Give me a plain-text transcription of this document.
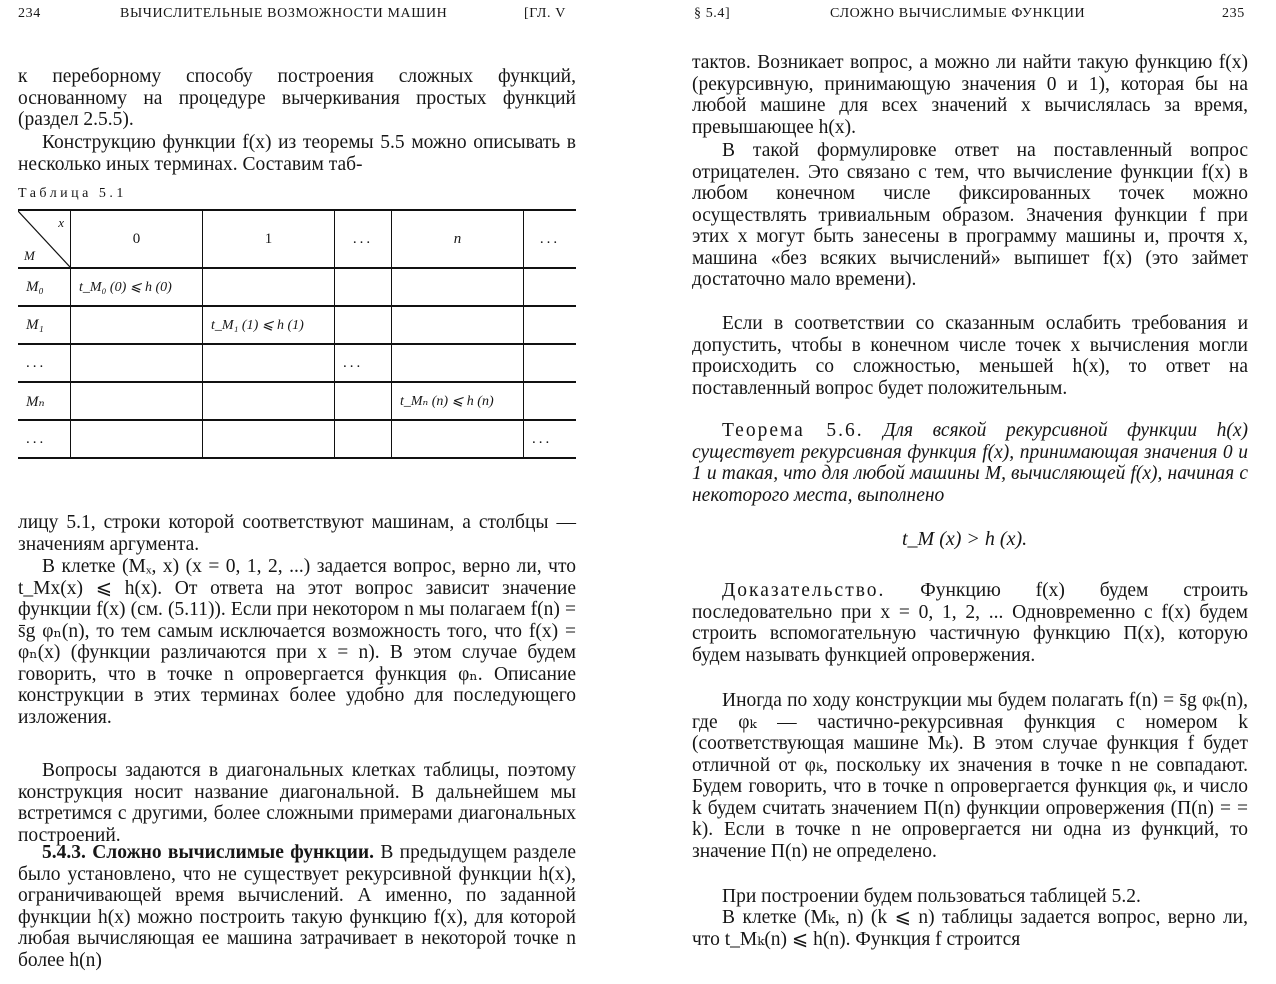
234	ВЫЧИСЛИТЕЛЬНЫЕ ВОЗМОЖНОСТИ МАШИН	[ГЛ. V
к переборному способу построения сложных функций, основанному на процедуре вычеркивания простых функций (раздел 2.5.5).
Конструкцию функции f(x) из теоремы 5.5 можно описывать в несколько иных терминах. Составим таб-
Таблица 5.1
x
M	0	1	...	n	...
M₀	t_M₀ (0) ⩽ h (0)				
M₁		t_M₁ (1) ⩽ h (1)			
...			...		
Mₙ				t_Mₙ (n) ⩽ h (n)	
...					...
лицу 5.1, строки которой соответствуют машинам, а столбцы — значениям аргумента.
В клетке (Mₓ, x) (x = 0, 1, 2, ...) задается вопрос, верно ли, что t_Mx(x) ⩽ h(x). От ответа на этот вопрос зависит значение функции f(x) (см. (5.11)). Если при некотором n мы полагаем f(n) = s̄g φₙ(n), то тем самым исключается возможность того, что f(x) = φₙ(x) (функции различаются при x = n). В этом случае будем говорить, что в точке n опровергается функция φₙ. Описание конструкции в этих терминах более удобно для последующего изложения.
Вопросы задаются в диагональных клетках таблицы, поэтому конструкция носит название диагональной. В дальнейшем мы встретимся с другими, более сложными примерами диагональных построений.
5.4.3. Сложно вычислимые функции. В предыдущем разделе было установлено, что не существует рекурсивной функции h(x), ограничивающей время вычислений. А именно, по заданной функции h(x) можно построить такую функцию f(x), для которой любая вычисляющая ее машина затрачивает в некоторой точке n более h(n)
§ 5.4]	СЛОЖНО ВЫЧИСЛИМЫЕ ФУНКЦИИ	235
тактов. Возникает вопрос, а можно ли найти такую функцию f(x) (рекурсивную, принимающую значения 0 и 1), которая бы на любой машине для всех значений x вычислялась за время, превышающее h(x).
В такой формулировке ответ на поставленный вопрос отрицателен. Это связано с тем, что вычисление функции f(x) в любом конечном числе фиксированных точек можно осуществлять тривиальным образом. Значения функции f при этих x могут быть занесены в программу машины и, прочтя x, машина «без всяких вычислений» выпишет f(x) (это займет достаточно мало времени).
Если в соответствии со сказанным ослабить требования и допустить, чтобы в конечном числе точек x вычисления могли происходить со сложностью, меньшей h(x), то ответ на поставленный вопрос будет положительным.
Теорема 5.6. Для всякой рекурсивной функции h(x) существует рекурсивная функция f(x), принимающая значения 0 и 1 и такая, что для любой машины M, вычисляющей f(x), начиная с некоторого места, выполнено
t_M (x) > h (x).
Доказательство. Функцию f(x) будем строить последовательно при x = 0, 1, 2, ... Одновременно с f(x) будем строить вспомогательную частичную функцию Π(x), которую будем называть функцией опровержения.
Иногда по ходу конструкции мы будем полагать f(n) = s̄g φₖ(n), где φₖ — частично-рекурсивная функция с номером k (соответствующая машине Mₖ). В этом случае функция f будет отличной от φₖ, поскольку их значения в точке n не совпадают. Будем говорить, что в точке n опровергается функция φₖ, и число k будем считать значением Π(n) функции опровержения (Π(n) = = k). Если в точке n не опровергается ни одна из функций, то значение Π(n) не определено.
При построении будем пользоваться таблицей 5.2.
В клетке (Mₖ, n) (k ⩽ n) таблицы задается вопрос, верно ли, что t_Mₖ(n) ⩽ h(n). Функция f строится
